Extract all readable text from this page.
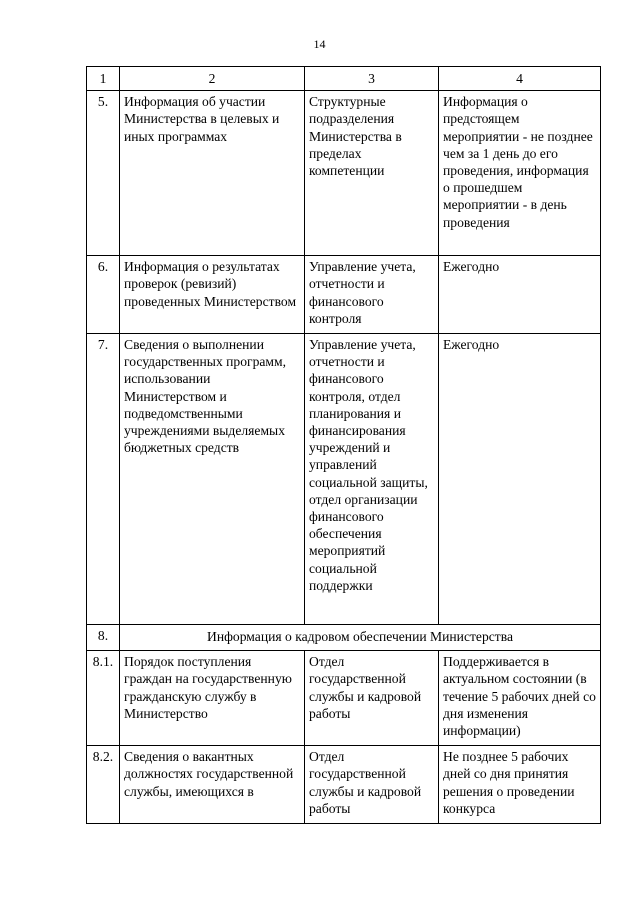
14
1	2	3	4
5.	Информация об участии Министерства в целевых и иных программах	Структурные подразделения Министерства в пределах компетенции	Информация о предстоящем мероприятии - не позднее чем за 1 день до его проведения, информация о прошедшем мероприятии - в день проведения
6.	Информация о результатах проверок (ревизий) проведенных Министерством	Управление учета, отчетности и финансового контроля	Ежегодно
7.	Сведения о выполнении государственных программ, использовании Министерством и подведомственными учреждениями выделяемых бюджетных средств	Управление учета, отчетности и финансового контроля, отдел планирования и финансирования учреждений и управлений социальной защиты, отдел организации финансового обеспечения мероприятий социальной поддержки	Ежегодно
8.	Информация о кадровом обеспечении Министерства		
8.1.	Порядок поступления граждан на государственную гражданскую службу в Министерство	Отдел государственной службы и кадровой работы	Поддерживается в актуальном состоянии (в течение 5 рабочих дней со дня изменения информации)
8.2.	Сведения о вакантных должностях государственной службы, имеющихся в	Отдел государственной службы и кадровой работы	Не позднее 5 рабочих дней со дня принятия решения о проведении конкурса
